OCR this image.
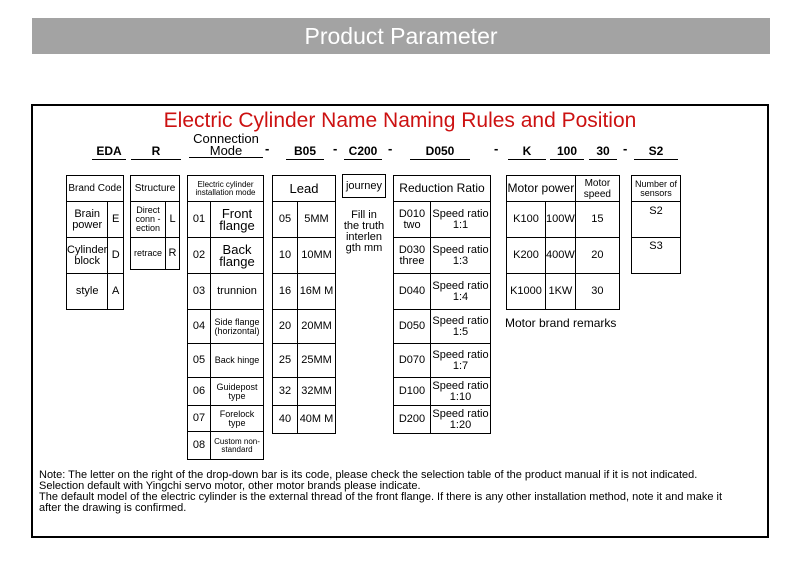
Product Parameter
Electric Cylinder Name Naming Rules and Position
EDA	R
Connection Mode	-	B05	- C200 -	D050	-	K	100	30	-	S2
Brand Code	
Brain power	E
Cylinder block	D
style	A
Structure	
Direct conn -ection	L
retrace	R
Electric cylinder installation mode	
01	Front flange
02	Back flange
03	trunnion
04	Side flange (horizontal)
05	Back hinge
06	Guidepost type
07	Forelock type
08	Custom non-standard
Lead	
05	5MM
10	10MM
16	16M M
20	20MM
25	25MM
32	32MM
40	40M M
journey
Fill in the truth interlen gth mm
Reduction Ratio	
D010 two	Speed ratio 1:1
D030 three	Speed ratio 1:3
D040	Speed ratio 1:4
D050	Speed ratio 1:5
D070	Speed ratio 1:7
D100	Speed ratio 1:10
D200	Speed ratio 1:20
Motor power		Motor speed
K100	100W	15
K200	400W	20
K1000	1KW	30
Motor brand remarks
Number of sensors
S2
S3
Note: The letter on the right of the drop-down bar is its code, please check the selection table of the product manual if it is not indicated.
Selection default with Yingchi servo motor, other motor brands please indicate.
The default model of the electric cylinder is the external thread of the front flange. If there is any other installation method, note it and make it after the drawing is confirmed.
